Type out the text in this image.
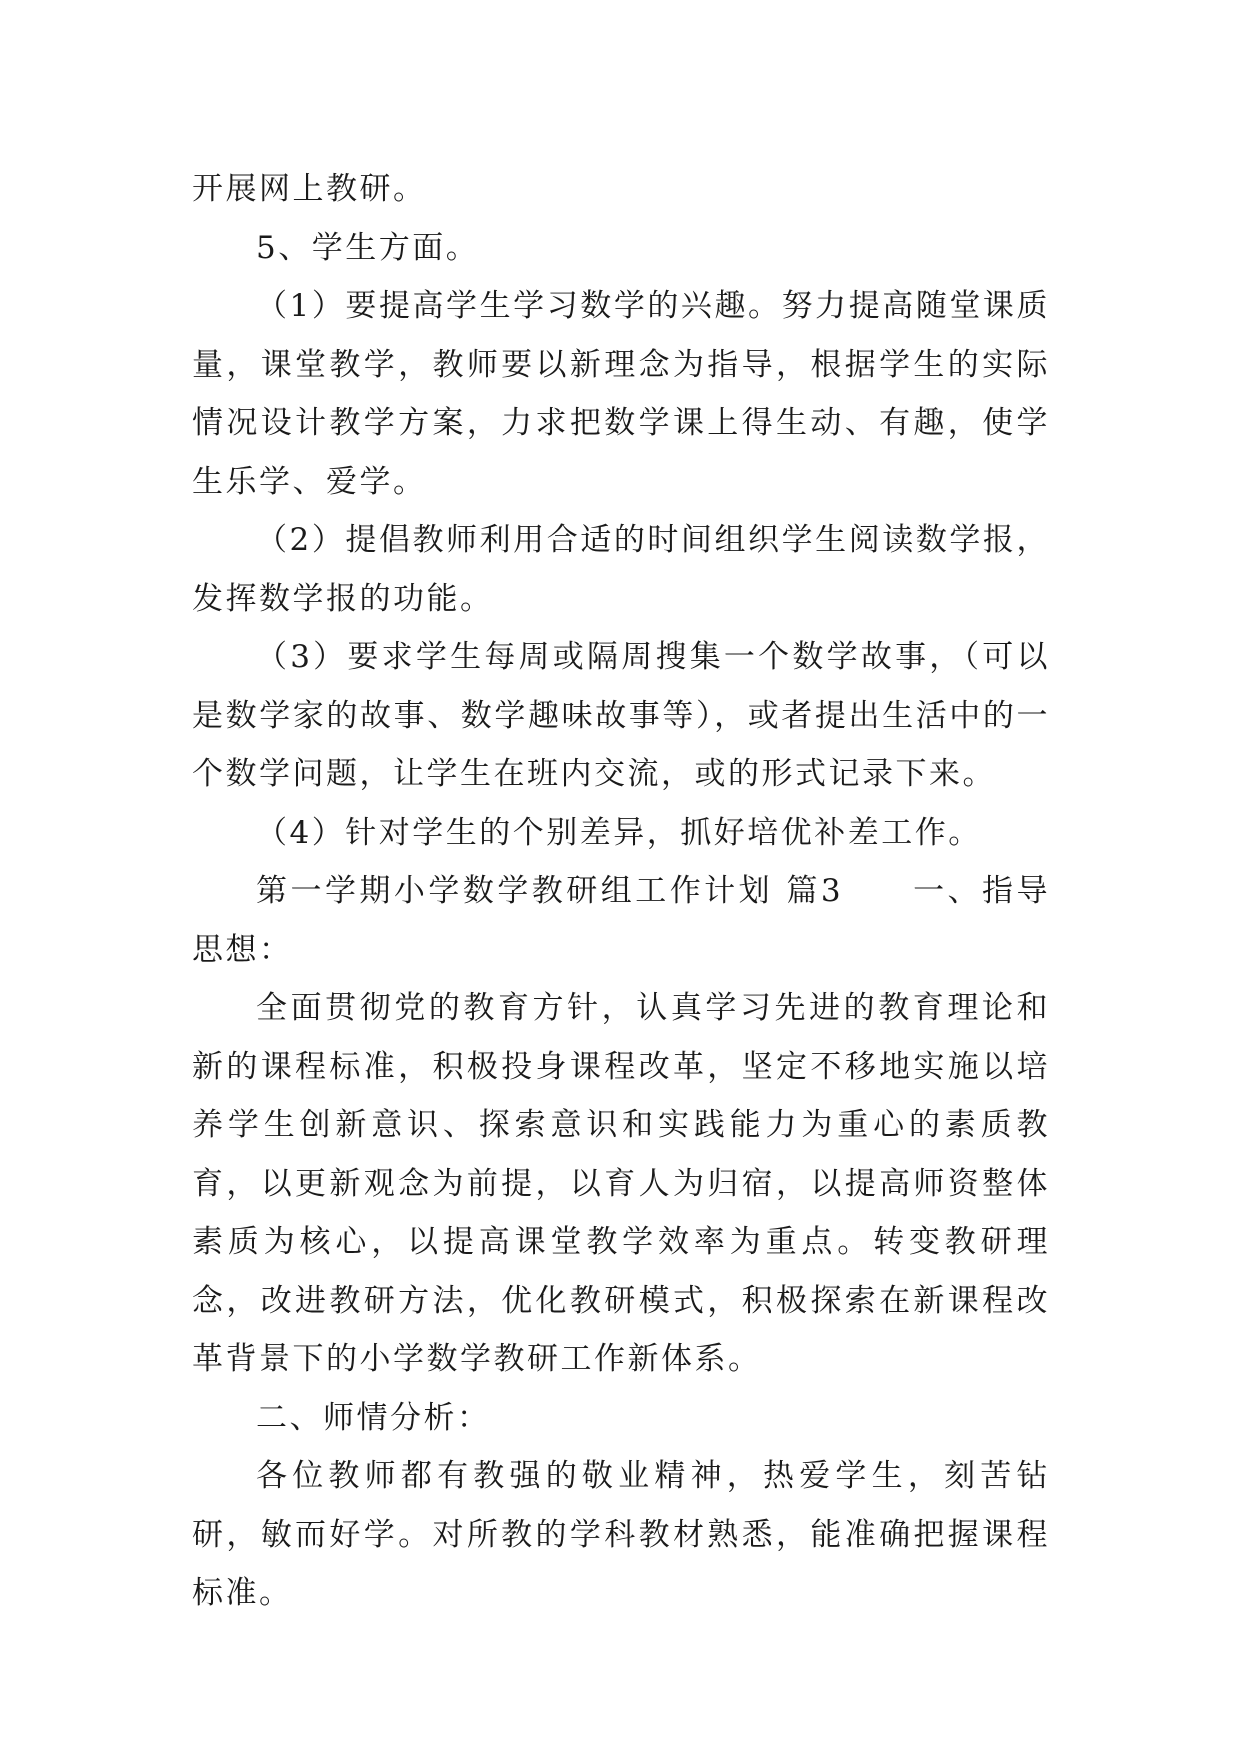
开展网上教研。

5、学生方面。

（1）要提高学生学习数学的兴趣。努力提高随堂课质量，课堂教学，教师要以新理念为指导，根据学生的实际情况设计教学方案，力求把数学课上得生动、有趣，使学生乐学、爱学。

（2）提倡教师利用合适的时间组织学生阅读数学报，发挥数学报的功能。

（3）要求学生每周或隔周搜集一个数学故事，（可以是数学家的故事、数学趣味故事等），或者提出生活中的一个数学问题，让学生在班内交流，或的形式记录下来。

（4）针对学生的个别差异，抓好培优补差工作。

第一学期小学数学教研组工作计划 篇3　　一、指导思想：

全面贯彻党的教育方针，认真学习先进的教育理论和新的课程标准，积极投身课程改革，坚定不移地实施以培养学生创新意识、探索意识和实践能力为重心的素质教育，以更新观念为前提，以育人为归宿，以提高师资整体素质为核心，以提高课堂教学效率为重点。转变教研理念，改进教研方法，优化教研模式，积极探索在新课程改革背景下的小学数学教研工作新体系。

二、师情分析：

各位教师都有教强的敬业精神，热爱学生，刻苦钻研，敏而好学。对所教的学科教材熟悉，能准确把握课程标准。
